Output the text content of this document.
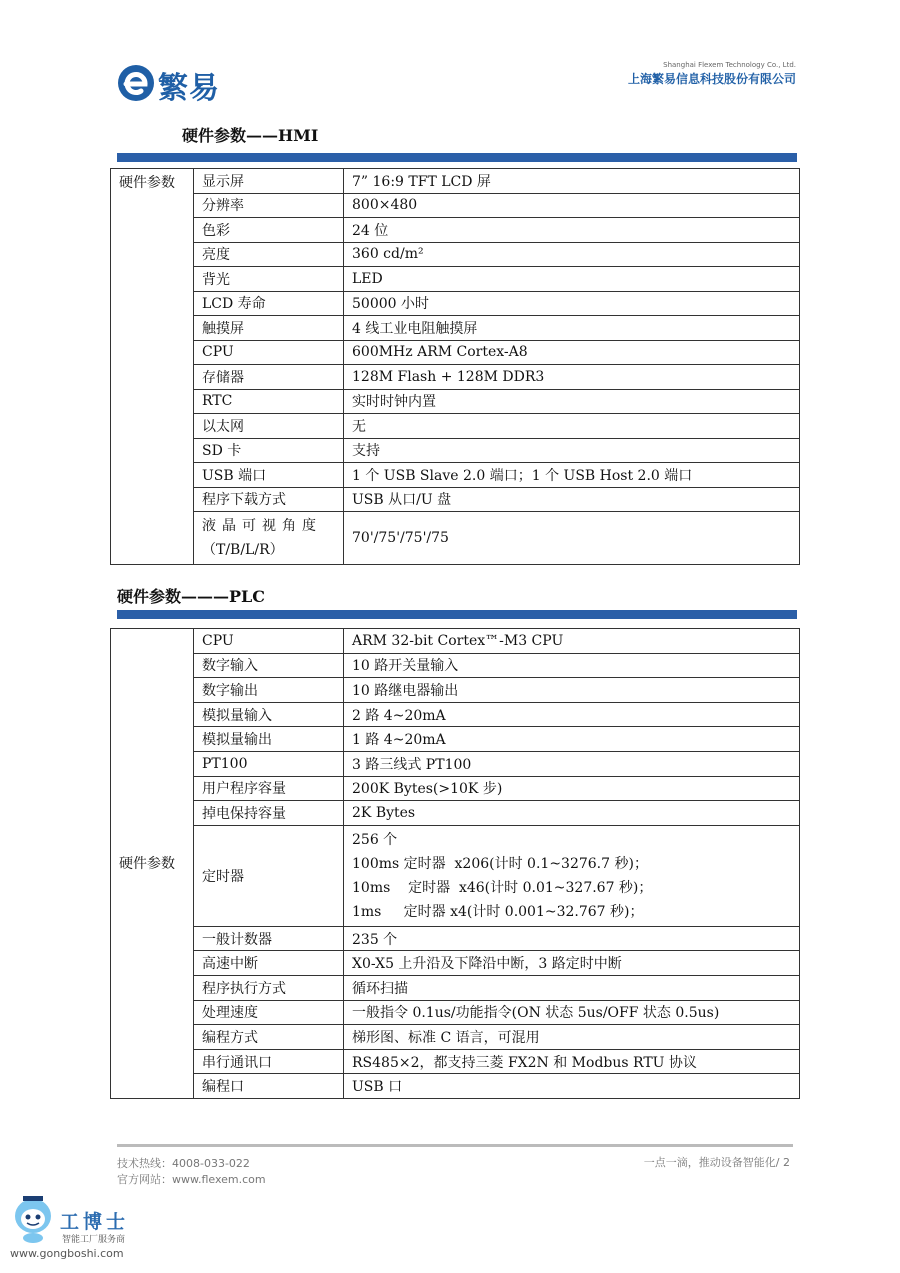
繁易
Shanghai Flexem Technology Co., Ltd.
上海繁易信息科技股份有限公司
硬件参数——HMI
硬件参数	显示屏	7” 16:9 TFT LCD 屏
	分辨率	800×480
	色彩	24 位
	亮度	360 cd/m²
	背光	LED
	LCD 寿命	50000 小时
	触摸屏	4 线工业电阻触摸屏
	CPU	600MHz ARM Cortex-A8
	存储器	128M Flash + 128M DDR3
	RTC	实时时钟内置
	以太网	无
	SD 卡	支持
	USB 端口	1 个 USB Slave 2.0 端口；1 个 USB Host 2.0 端口
	程序下载方式	USB 从口/U 盘

	液晶可视角度
（T/B/L/R）	70'/75'/75'/75
硬件参数———PLC
硬件参数	CPU	ARM 32-bit Cortex™-M3 CPU
	数字输入	10 路开关量输入
	数字输出	10 路继电器输出
	模拟量输入	2 路 4~20mA
	模拟量输出	1 路 4~20mA
	PT100	3 路三线式 PT100
	用户程序容量	200K Bytes(>10K 步)
	掉电保持容量	2K Bytes
	定时器	256 个
100ms 定时器  x206(计时 0.1~3276.7 秒)；
10ms    定时器  x46(计时 0.01~327.67 秒)；
1ms     定时器 x4(计时 0.001~32.767 秒)；

	一般计数器	235 个
	高速中断	X0-X5 上升沿及下降沿中断，3 路定时中断
	程序执行方式	循环扫描
	处理速度	一般指令 0.1us/功能指令(ON 状态 5us/OFF 状态 0.5us)
	编程方式	梯形图、标准 C 语言，可混用
	串行通讯口	RS485×2，都支持三菱 FX2N 和 Modbus RTU 协议
	编程口	USB 口
技术热线：4008-033-022
官方网站：www.flexem.com
一点一滴，推动设备智能化/ 2
工博士
智能工厂服务商
www.gongboshi.com
